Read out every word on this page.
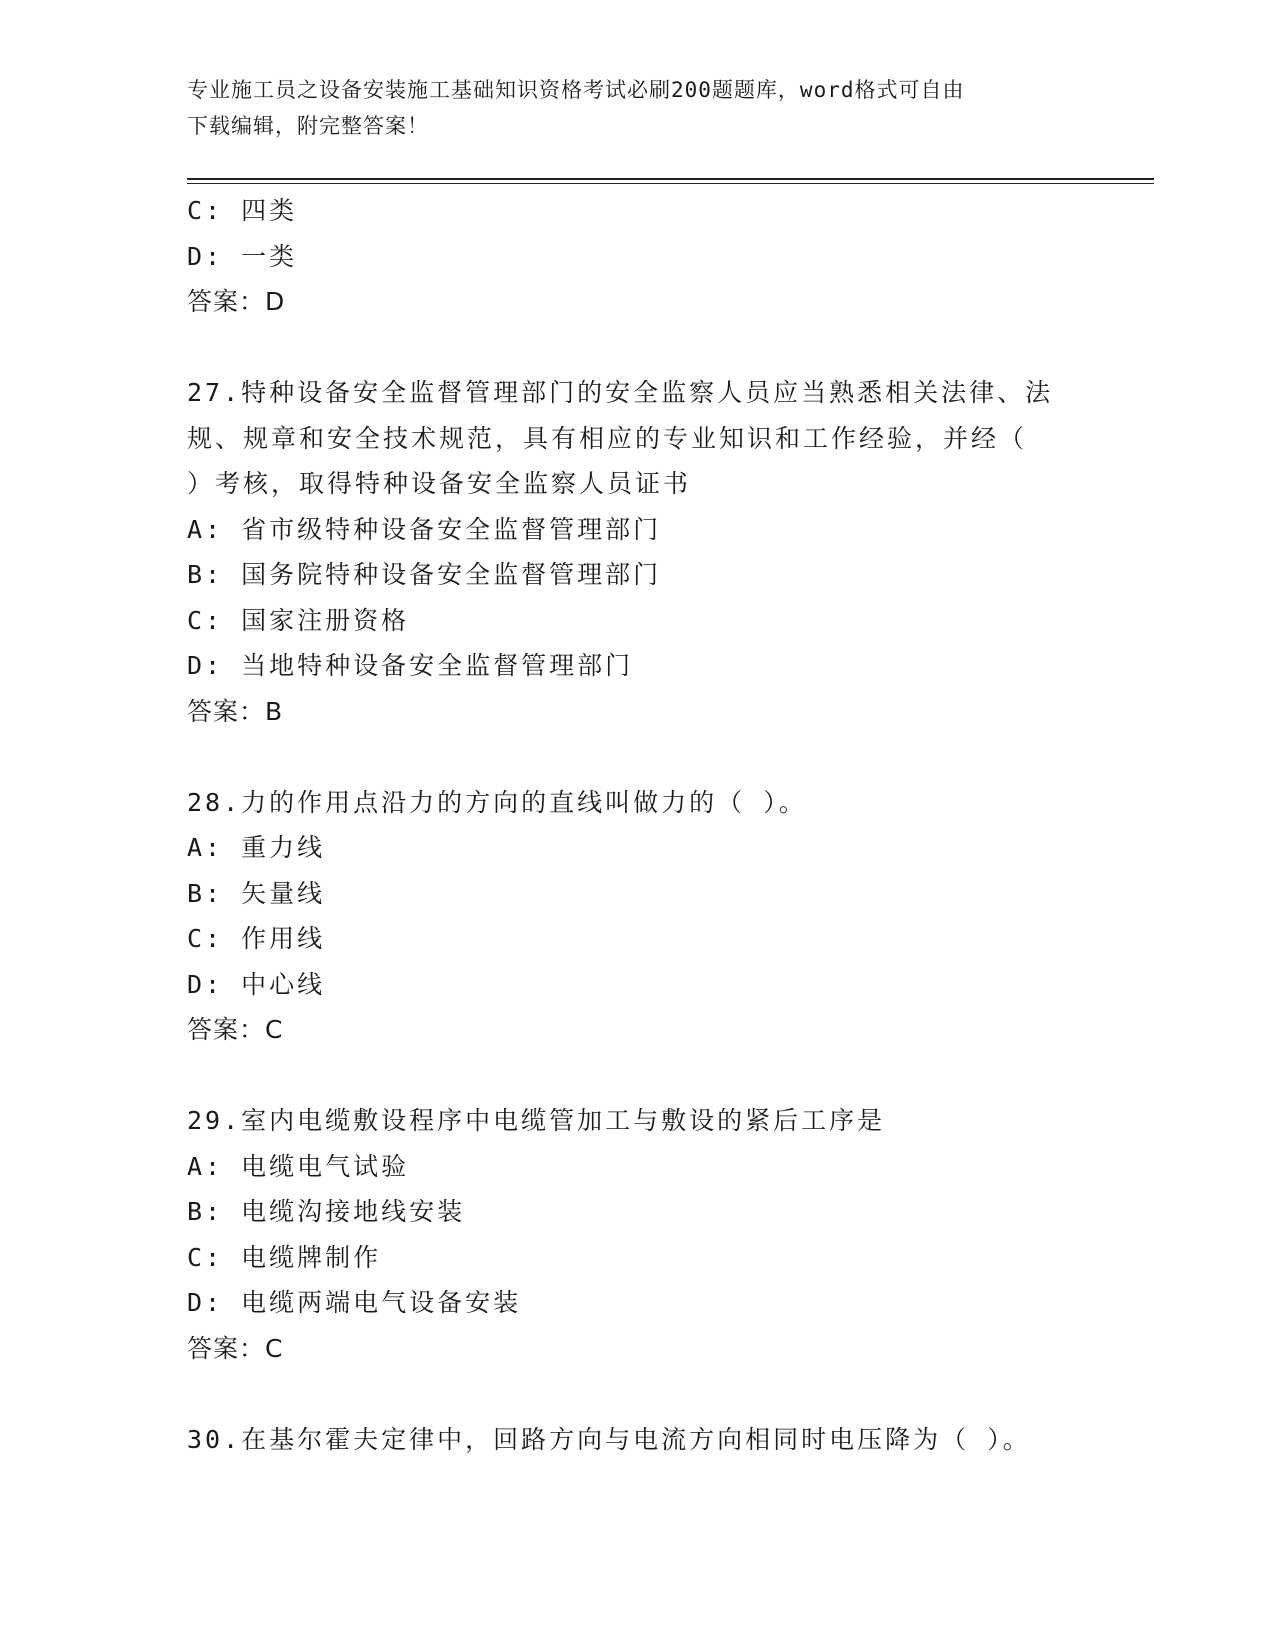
专业施工员之设备安装施工基础知识资格考试必刷200题题库，word格式可自由
下载编辑，附完整答案！
C: 四类
D: 一类
答案：D
27.特种设备安全监督管理部门的安全监察人员应当熟悉相关法律、法
规、规章和安全技术规范，具有相应的专业知识和工作经验，并经（
）考核，取得特种设备安全监察人员证书
A: 省市级特种设备安全监督管理部门
B: 国务院特种设备安全监督管理部门
C: 国家注册资格
D: 当地特种设备安全监督管理部门
答案：B
28.力的作用点沿力的方向的直线叫做力的（ ）。
A: 重力线
B: 矢量线
C: 作用线
D: 中心线
答案：C
29.室内电缆敷设程序中电缆管加工与敷设的紧后工序是
A: 电缆电气试验
B: 电缆沟接地线安装
C: 电缆牌制作
D: 电缆两端电气设备安装
答案：C
30.在基尔霍夫定律中，回路方向与电流方向相同时电压降为（ ）。
